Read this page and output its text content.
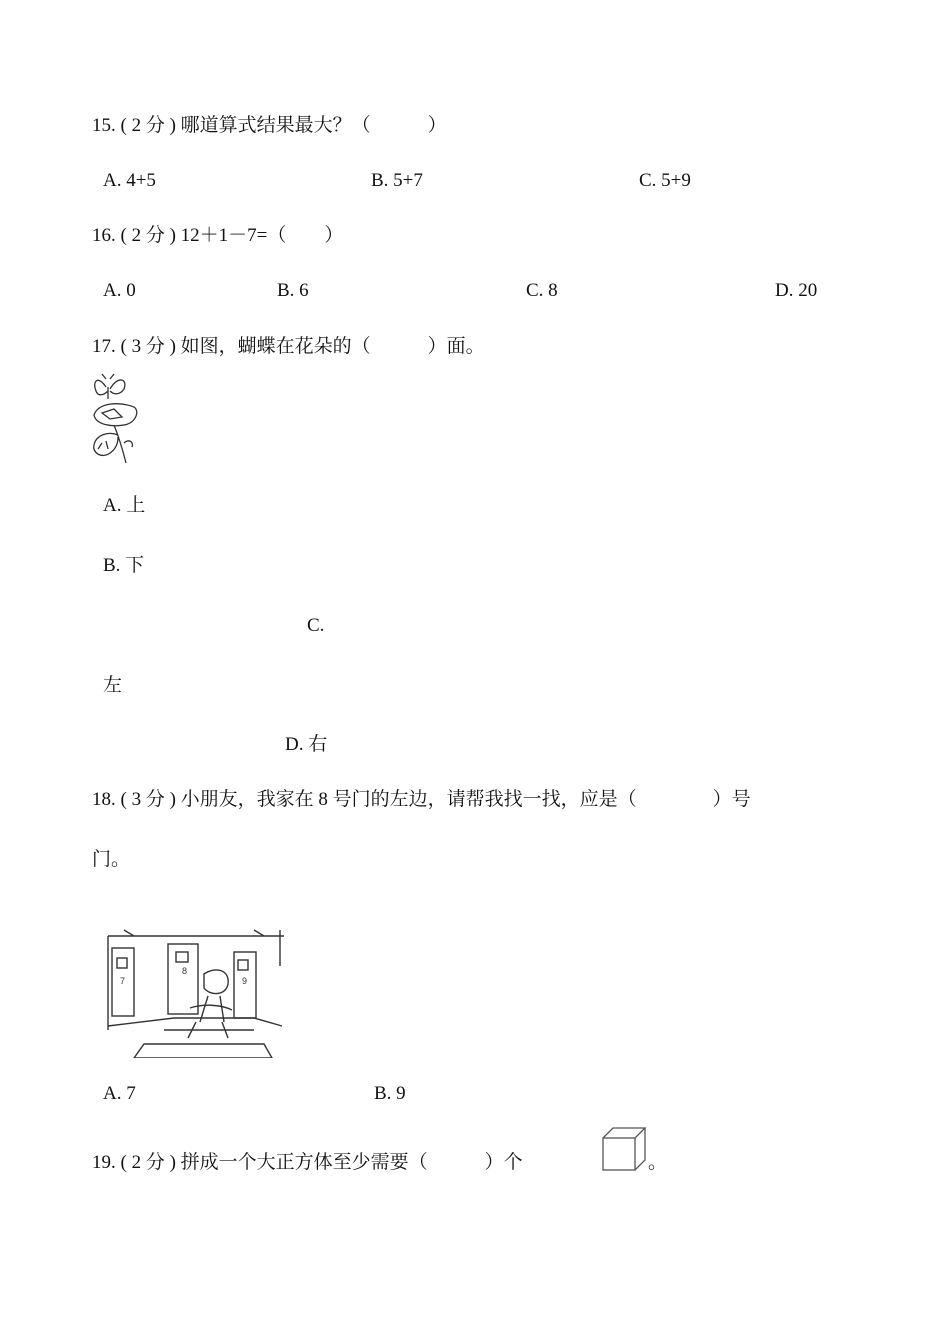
15. ( 2 分 ) 哪道算式结果最大？（　　　）
A. 4+5	B. 5+7	C. 5+9
16. ( 2 分 ) 12＋1－7=（　　）
A. 0	B. 6	C. 8	D. 20
17. ( 3 分 ) 如图，蝴蝶在花朵的（　　　）面。
A. 上
B. 下
C.
左
D. 右
18. ( 3 分 ) 小朋友，我家在 8 号门的左边，请帮我找一找，应是（　　　　）号
门。
7
8
9
A. 7	B. 9
19. ( 2 分 ) 拼成一个大正方体至少需要（　　　）个	。
